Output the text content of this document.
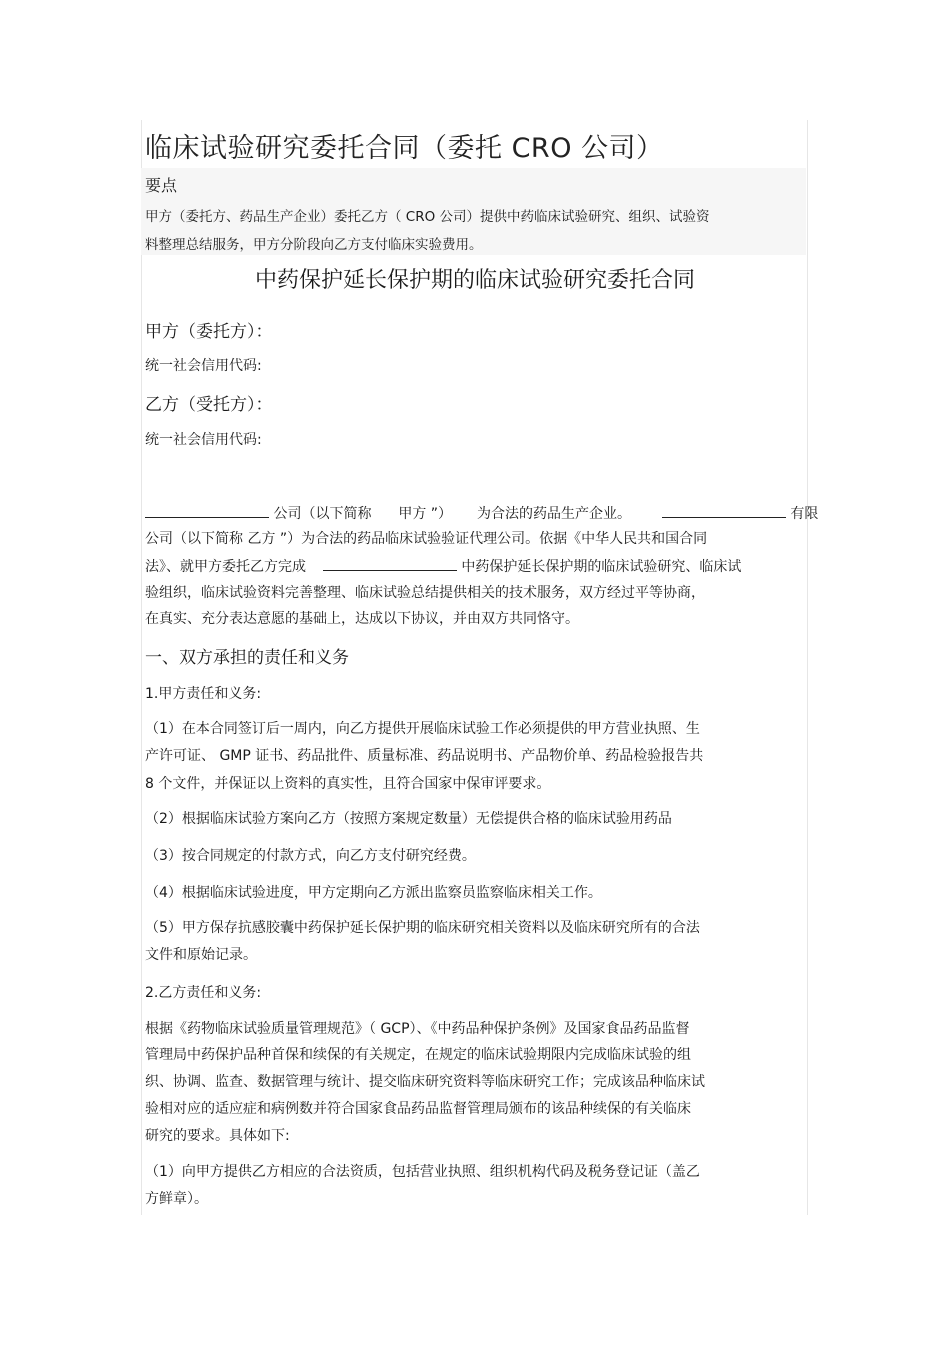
临床试验研究委托合同（委托 CRO 公司）
要点
甲方（委托方、药品生产企业）委托乙方（ CRO 公司）提供中药临床试验研究、组织、试验资
料整理总结服务，甲方分阶段向乙方支付临床实验费用。
中药保护延长保护期的临床试验研究委托合同
甲方（委托方）：
统一社会信用代码:
乙方（受托方）：
统一社会信用代码:
公司（以下简称 甲方 ”） 为合法的药品生产企业。	有限
公司（以下简称 乙方 ”）为合法的药品临床试验验证代理公司。依据《中华人民共和国合同
法》、就甲方委托乙方完成	中药保护延长保护期的临床试验研究、临床试
验组织，临床试验资料完善整理、临床试验总结提供相关的技术服务，双方经过平等协商，
在真实、充分表达意愿的基础上，达成以下协议，并由双方共同恪守。
一、双方承担的责任和义务
1.甲方责任和义务:
（1）在本合同签订后一周内，向乙方提供开展临床试验工作必须提供的甲方营业执照、生
产许可证、 GMP 证书、药品批件、质量标准、药品说明书、产品物价单、药品检验报告共
8 个文件，并保证以上资料的真实性，且符合国家中保审评要求。
（2）根据临床试验方案向乙方（按照方案规定数量）无偿提供合格的临床试验用药品
（3）按合同规定的付款方式，向乙方支付研究经费。
（4）根据临床试验进度，甲方定期向乙方派出监察员监察临床相关工作。
（5）甲方保存抗感胶囊中药保护延长保护期的临床研究相关资料以及临床研究所有的合法
文件和原始记录。
2.乙方责任和义务:
根据《药物临床试验质量管理规范》（ GCP）、《中药品种保护条例》及国家食品药品监督
管理局中药保护品种首保和续保的有关规定，在规定的临床试验期限内完成临床试验的组
织、协调、监查、数据管理与统计、提交临床研究资料等临床研究工作；完成该品种临床试
验相对应的适应症和病例数并符合国家食品药品监督管理局颁布的该品种续保的有关临床
研究的要求。具体如下:
（1）向甲方提供乙方相应的合法资质，包括营业执照、组织机构代码及税务登记证（盖乙
方鲜章）。
